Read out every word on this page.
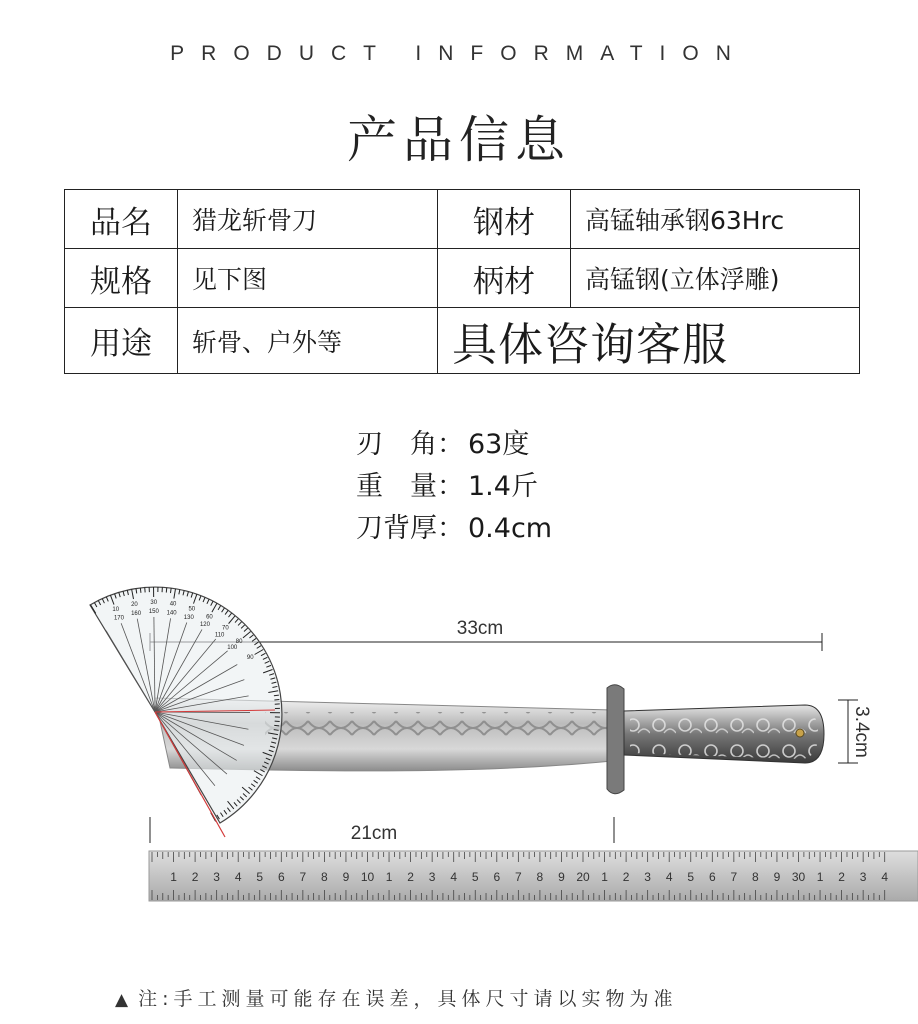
PRODUCT INFORMATION
产品信息
品名	猎龙斩骨刀	钢材	高锰轴承钢63Hrc
规格	见下图	柄材	高锰钢(立体浮雕)
用途	斩骨、户外等	具体咨询客服	
刃 角： 63度
重 量： 1.4斤
刀背厚： 0.4cm
33cm
3.4cm
10
20 30 40
50
60
70
80
90
170
160 150 140
130
120
110
100
21cm
1 2 3 4 5 6 7 8 9 10 1 2 3 4 5 6 7 8 9 20 1 2 3 4 5 6 7 8 9 30 1 2 3 4
▲ 注:手工测量可能存在误差，具体尺寸请以实物为准
